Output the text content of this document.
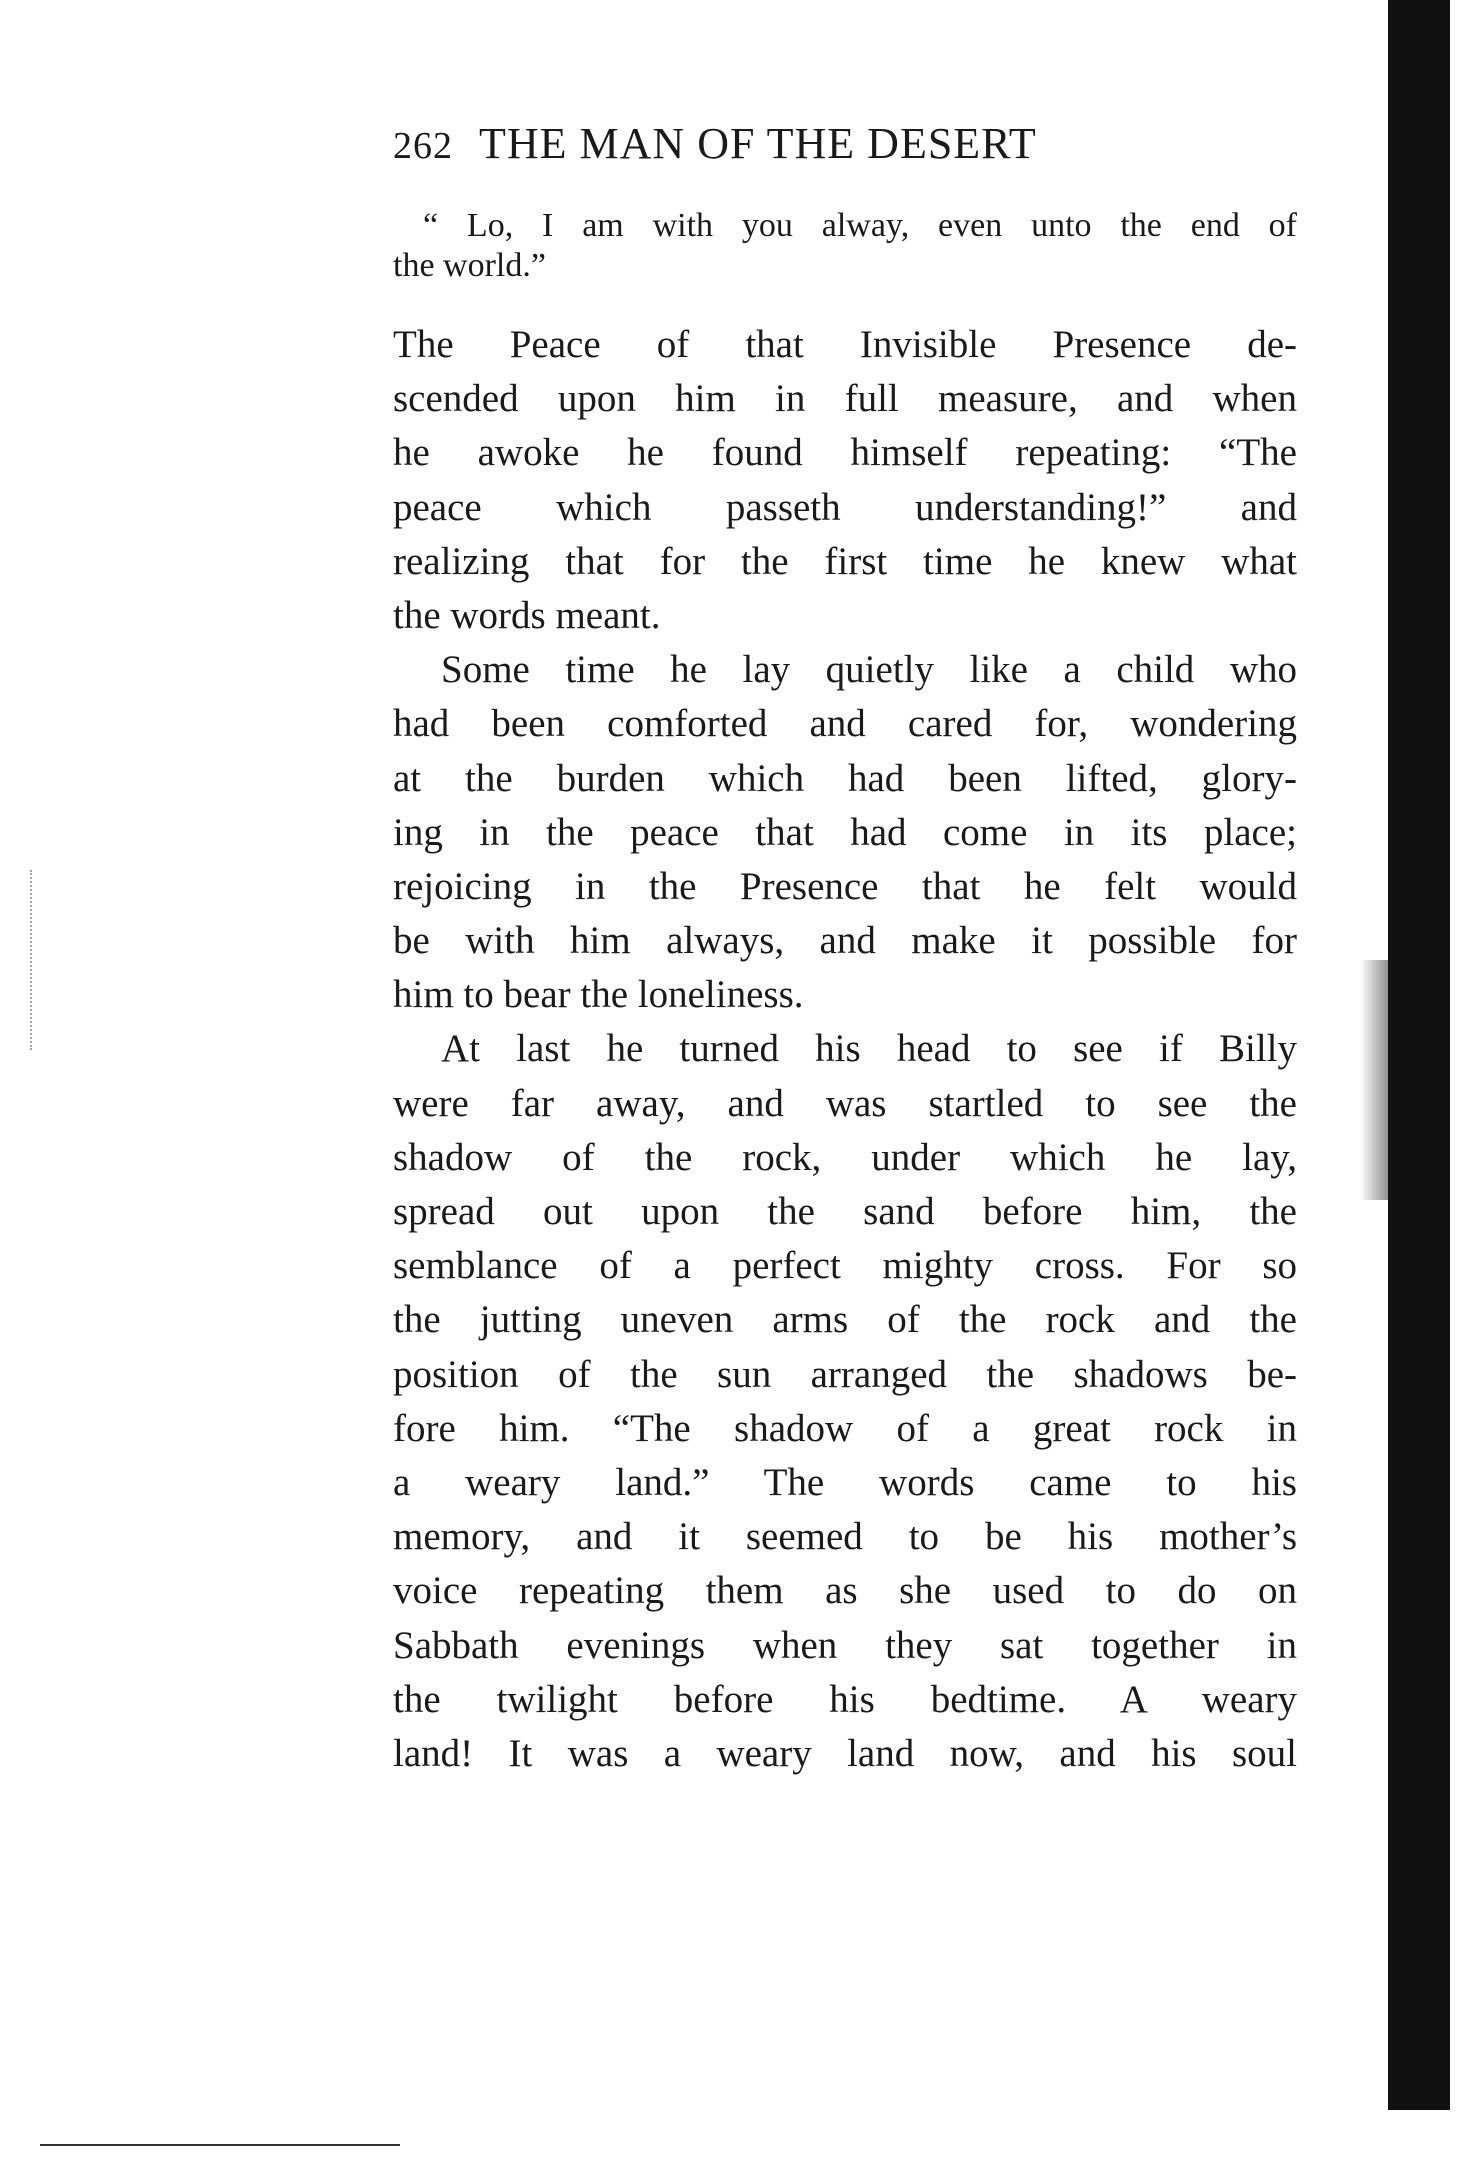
262 THE MAN OF THE DESERT
“ Lo, I am with you alway, even unto the end of
the world.”
The Peace of that Invisible Presence de-
scended upon him in full measure, and when
he awoke he found himself repeating: “The
peace which passeth understanding!” and
realizing that for the first time he knew what
the words meant.
Some time he lay quietly like a child who
had been comforted and cared for, wondering
at the burden which had been lifted, glory-
ing in the peace that had come in its place;
rejoicing in the Presence that he felt would
be with him always, and make it possible for
him to bear the loneliness.
At last he turned his head to see if Billy
were far away, and was startled to see the
shadow of the rock, under which he lay,
spread out upon the sand before him, the
semblance of a perfect mighty cross. For so
the jutting uneven arms of the rock and the
position of the sun arranged the shadows be-
fore him. “The shadow of a great rock in
a weary land.” The words came to his
memory, and it seemed to be his mother’s
voice repeating them as she used to do on
Sabbath evenings when they sat together in
the twilight before his bedtime. A weary
land! It was a weary land now, and his soul
